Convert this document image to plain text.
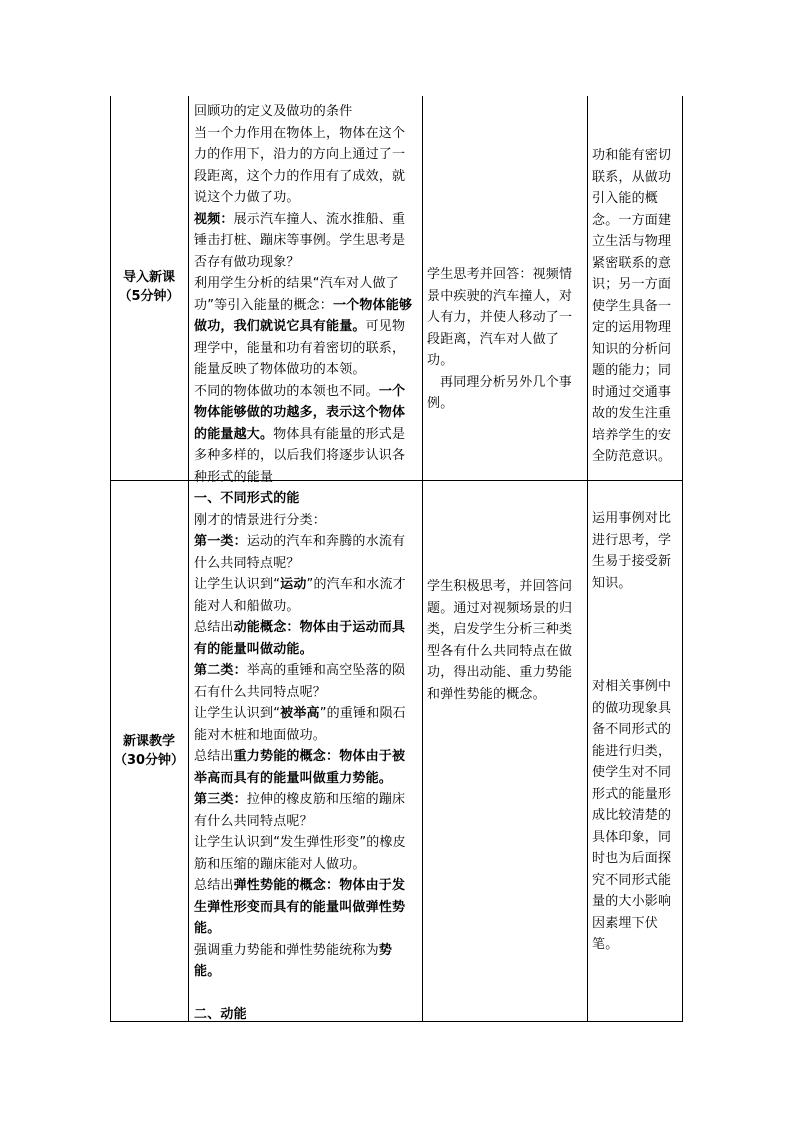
导入新课
（5分钟）

回顾功的定义及做功的条件

当一个力作用在物体上，物体在这个力的作用下，沿力的方向上通过了一段距离，这个力的作用有了成效，就说这个力做了功。

视频：展示汽车撞人、流水推船、重锤击打桩、蹦床等事例。学生思考是否存有做功现象？

利用学生分析的结果“汽车对人做了功”等引入能量的概念：一个物体能够做功，我们就说它具有能量。可见物理学中，能量和功有着密切的联系，能量反映了物体做功的本领。

不同的物体做功的本领也不同。一个物体能够做的功越多，表示这个物体的能量越大。物体具有能量的形式是多种多样的，以后我们将逐步认识各种形式的能量

学生思考并回答：视频情景中疾驶的汽车撞人，对人有力，并使人移动了一段距离，汽车对人做了功。

再同理分析另外几个事例。

功和能有密切联系，从做功引入能的概念。一方面建立生活与物理紧密联系的意识；另一方面使学生具备一定的运用物理知识的分析问题的能力；同时通过交通事故的发生注重培养学生的安全防范意识。

新课教学
（30分钟）

一、不同形式的能

刚才的情景进行分类：

第一类：运动的汽车和奔腾的水流有什么共同特点呢？

让学生认识到“运动”的汽车和水流才能对人和船做功。

总结出动能概念：物体由于运动而具有的能量叫做动能。

第二类：举高的重锤和高空坠落的陨石有什么共同特点呢？

让学生认识到“被举高”的重锤和陨石能对木桩和地面做功。

总结出重力势能的概念：物体由于被举高而具有的能量叫做重力势能。

第三类：拉伸的橡皮筋和压缩的蹦床有什么共同特点呢？

让学生认识到“发生弹性形变”的橡皮筋和压缩的蹦床能对人做功。

总结出弹性势能的概念：物体由于发生弹性形变而具有的能量叫做弹性势能。

强调重力势能和弹性势能统称为势能。

二、动能

学生积极思考，并回答问题。通过对视频场景的归类，启发学生分析三种类型各有什么共同特点在做功，得出动能、重力势能和弹性势能的概念。

运用事例对比进行思考，学生易于接受新知识。

对相关事例中的做功现象具备不同形式的能进行归类，使学生对不同形式的能量形成比较清楚的具体印象，同时也为后面探究不同形式能量的大小影响因素埋下伏笔。
